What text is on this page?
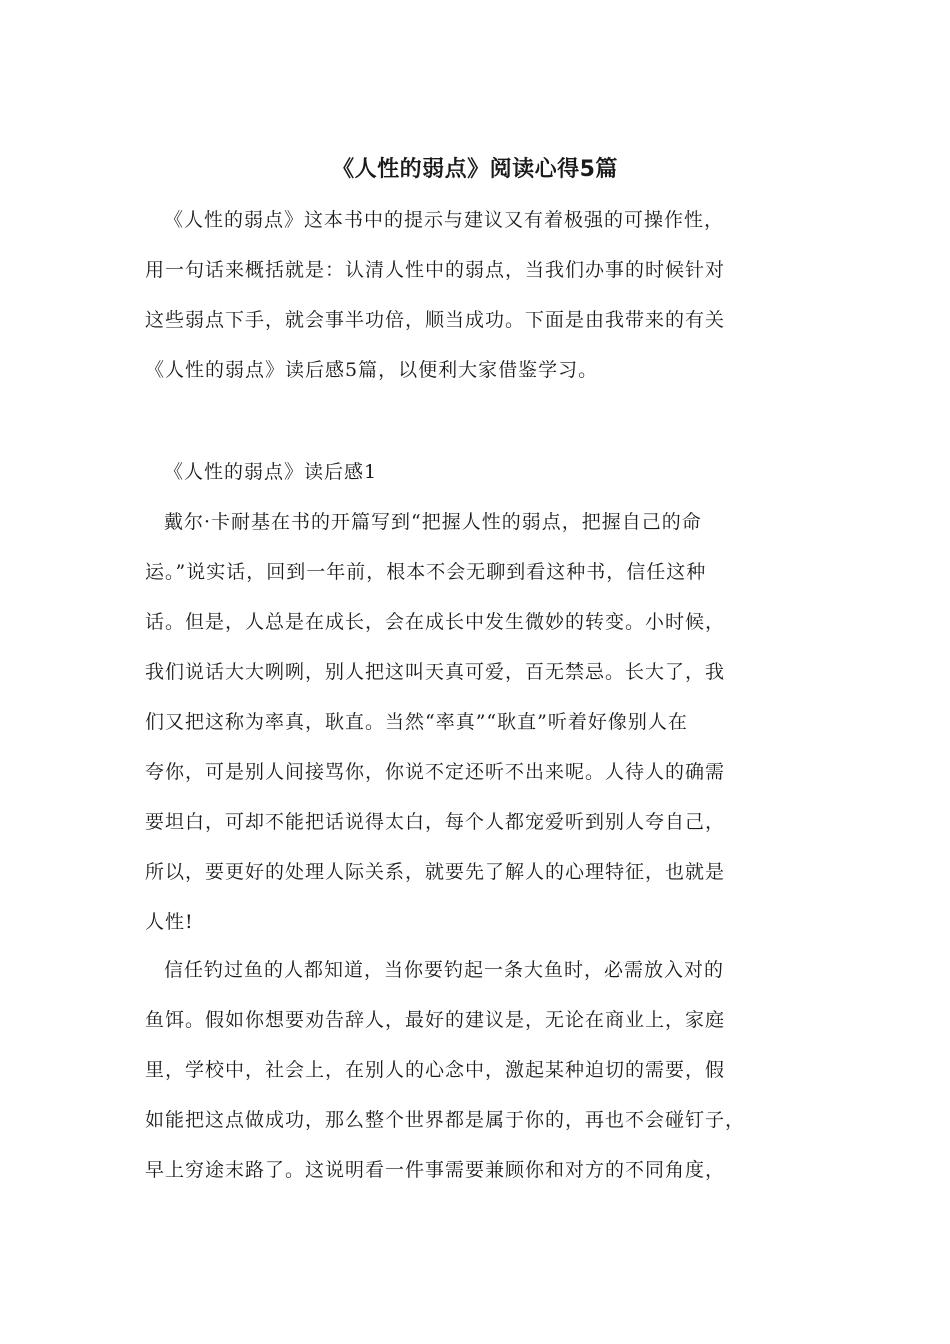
《人性的弱点》阅读心得5篇
《人性的弱点》这本书中的提示与建议又有着极强的可操作性，
用一句话来概括就是：认清人性中的弱点，当我们办事的时候针对
这些弱点下手，就会事半功倍，顺当成功。下面是由我带来的有关
《人性的弱点》读后感5篇，以便利大家借鉴学习。
《人性的弱点》读后感1
戴尔·卡耐基在书的开篇写到“把握人性的弱点，把握自己的命
运。”说实话，回到一年前，根本不会无聊到看这种书，信任这种
话。但是，人总是在成长，会在成长中发生微妙的转变。小时候，
我们说话大大咧咧，别人把这叫天真可爱，百无禁忌。长大了，我
们又把这称为率真，耿直。当然“率真”“耿直”听着好像别人在
夸你，可是别人间接骂你，你说不定还听不出来呢。人待人的确需
要坦白，可却不能把话说得太白，每个人都宠爱听到别人夸自己，
所以，要更好的处理人际关系，就要先了解人的心理特征，也就是
人性!
信任钓过鱼的人都知道，当你要钓起一条大鱼时，必需放入对的
鱼饵。假如你想要劝告辞人，最好的建议是，无论在商业上，家庭
里，学校中，社会上，在别人的心念中，激起某种迫切的需要，假
如能把这点做成功，那么整个世界都是属于你的，再也不会碰钉子，
早上穷途末路了。这说明看一件事需要兼顾你和对方的不同角度，
